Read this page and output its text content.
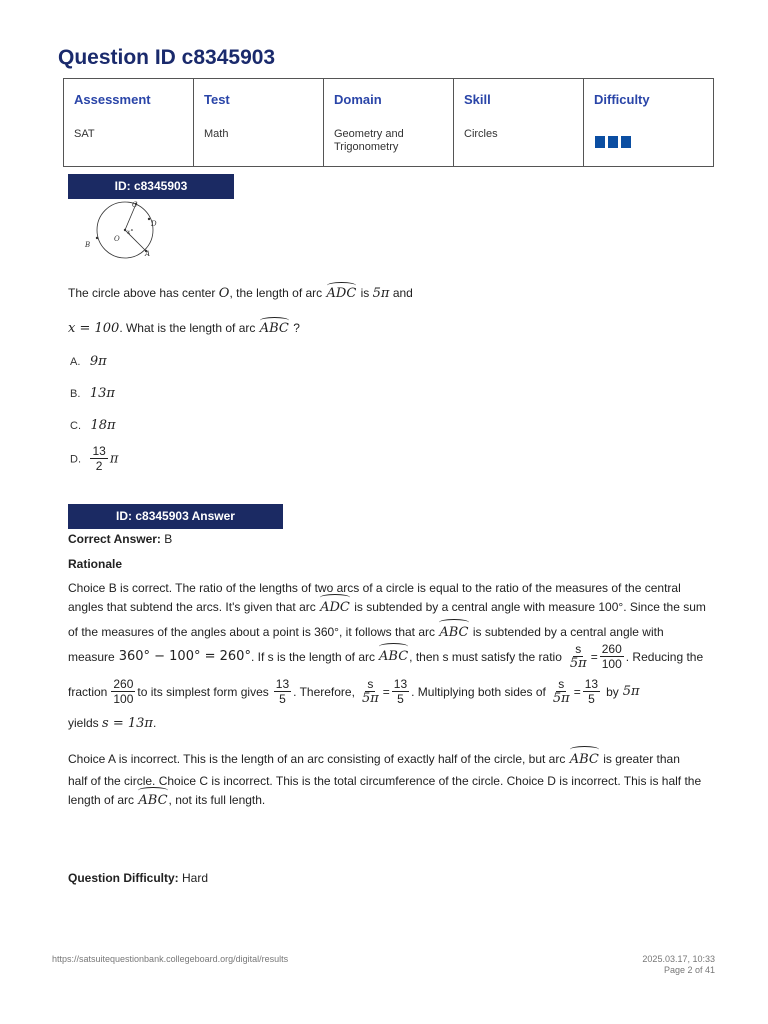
Question ID c8345903
Assessment
SAT
Test
Math
Domain
Geometry and Trigonometry
Skill
Circles
Difficulty
ID: c8345903
C
D
O
B
A
x°
The circle above has center O, the length of arc ADC is 5π and
x = 100. What is the length of arc ABC ?
A. 9π
B. 13π
C. 18π
D. $\frac{13}{2}$ π
ID: c8345903 Answer
Correct Answer: B
Rationale
Choice B is correct. The ratio of the lengths of two arcs of a circle is equal to the ratio of the measures of the central
angles that subtend the arcs. It's given that arc ADC is subtended by a central angle with measure 100°. Since the sum
of the measures of the angles about a point is 360°, it follows that arc ABC is subtended by a central angle with
measure 360° − 100° = 260° . If s is the length of arc ABC , then s must satisfy the ratio $\frac{s}{5\pi} = \frac{260}{100}$ . Reducing the
fraction $\frac{260}{100}$ to its simplest form gives $\frac{13}{5}$ . Therefore, $\frac{s}{5\pi} = \frac{13}{5}$ . Multiplying both sides of $\frac{s}{5\pi} = \frac{13}{5}$ by 5π
yields s = 13π.
Choice A is incorrect. This is the length of an arc consisting of exactly half of the circle, but arc ABC is greater than
half of the circle. Choice C is incorrect. This is the total circumference of the circle. Choice D is incorrect. This is half the
length of arc ABC, not its full length.
Question Difficulty: Hard
https://satsuitequestionbank.collegeboard.org/digital/results	2025.03.17, 10:33
Page 2 of 41
